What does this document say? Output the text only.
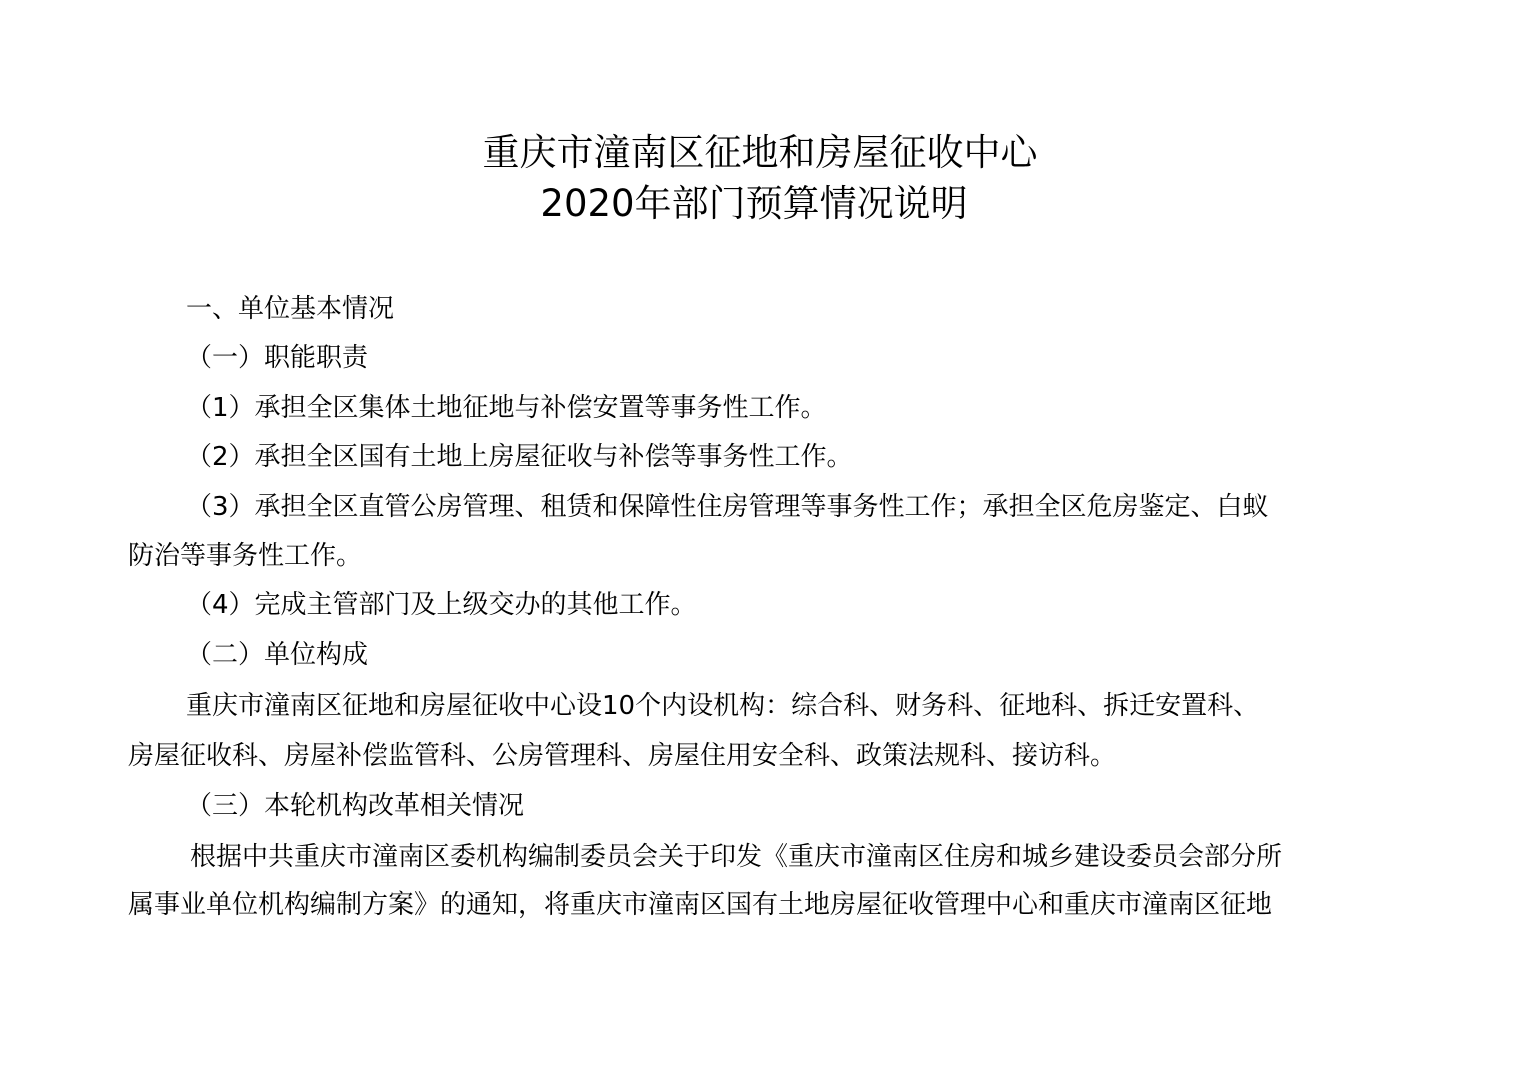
重庆市潼南区征地和房屋征收中心
2020年部门预算情况说明
一、单位基本情况
（一）职能职责
（1）承担全区集体土地征地与补偿安置等事务性工作。
（2）承担全区国有土地上房屋征收与补偿等事务性工作。
（3）承担全区直管公房管理、租赁和保障性住房管理等事务性工作；承担全区危房鉴定、白蚁
防治等事务性工作。
（4）完成主管部门及上级交办的其他工作。
（二）单位构成
重庆市潼南区征地和房屋征收中心设10个内设机构：综合科、财务科、征地科、拆迁安置科、
房屋征收科、房屋补偿监管科、公房管理科、房屋住用安全科、政策法规科、接访科。
（三）本轮机构改革相关情况
根据中共重庆市潼南区委机构编制委员会关于印发《重庆市潼南区住房和城乡建设委员会部分所
属事业单位机构编制方案》的通知，将重庆市潼南区国有土地房屋征收管理中心和重庆市潼南区征地
